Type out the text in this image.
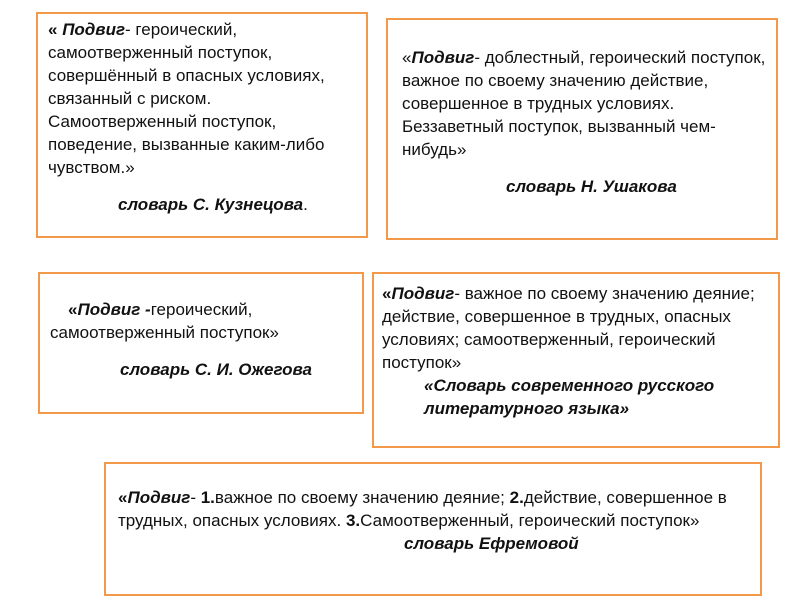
« Подвиг- героический, самоотверженный поступок, совершённый в опасных условиях, связанный с риском. Самоотверженный поступок, поведение, вызванные каким-либо чувством.»
словарь С. Кузнецова.
«Подвиг- доблестный, героический поступок, важное по своему значению действие, совершенное в трудных условиях. Беззаветный поступок, вызванный чем-нибудь»
словарь Н. Ушакова
«Подвиг -героический, самоотверженный поступок»
словарь С. И. Ожегова
«Подвиг- важное по своему значению деяние; действие, совершенное в трудных, опасных условиях; самоотверженный, героический поступок»
«Словарь современного русского литературного языка»
«Подвиг- 1.важное по своему значению деяние; 2.действие, совершенное в трудных, опасных условиях. 3.Самоотверженный, героический поступок»
словарь Ефремовой
